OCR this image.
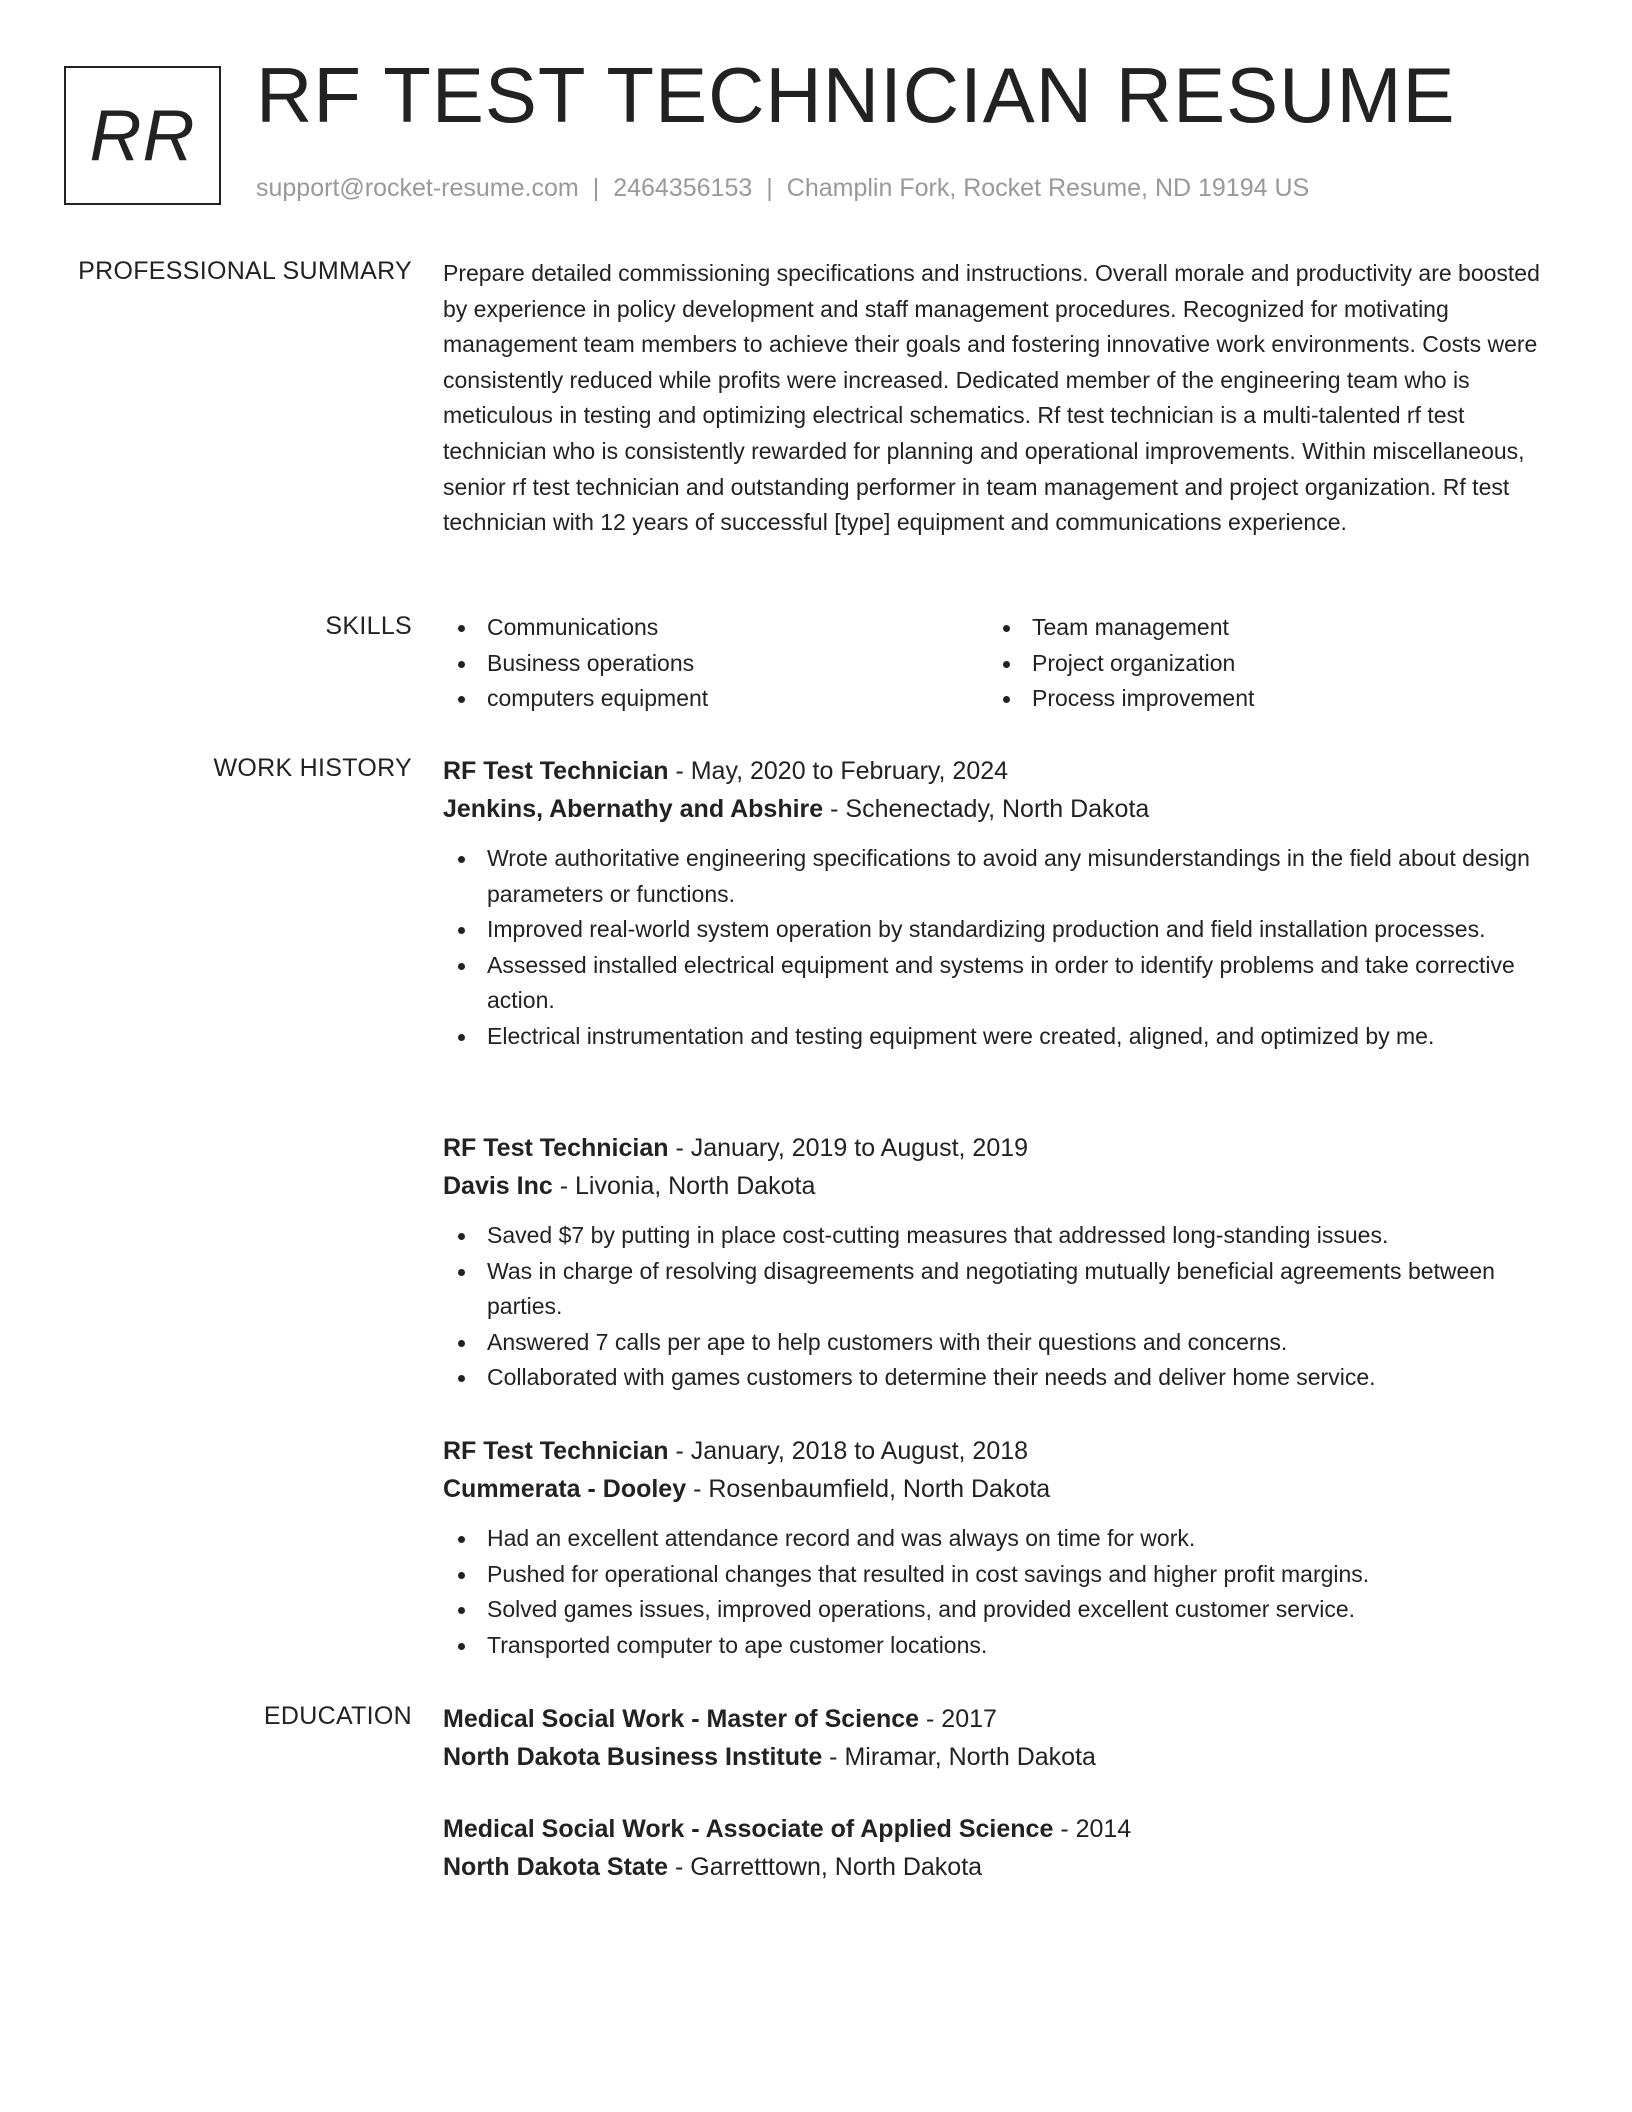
RR RF TEST TECHNICIAN RESUME
support@rocket-resume.com | 2464356153 | Champlin Fork, Rocket Resume, ND 19194 US
PROFESSIONAL SUMMARY Prepare detailed commissioning specifications and instructions. Overall morale and productivity are boosted by experience in policy development and staff management procedures. Recognized for motivating management team members to achieve their goals and fostering innovative work environments. Costs were consistently reduced while profits were increased. Dedicated member of the engineering team who is meticulous in testing and optimizing electrical schematics. Rf test technician is a multi-talented rf test technician who is consistently rewarded for planning and operational improvements. Within miscellaneous, senior rf test technician and outstanding performer in team management and project organization. Rf test technician with 12 years of successful [type] equipment and communications experience.

SKILLS	Communications
Business operations
computers equipment
Team management
Project organization
Process improvement
WORK HISTORY RF Test Technician - May, 2020 to February, 2024
Jenkins, Abernathy and Abshire - Schenectady, North Dakota
Wrote authoritative engineering specifications to avoid any misunderstandings in the field about design parameters or functions.
Improved real-world system operation by standardizing production and field installation processes.
Assessed installed electrical equipment and systems in order to identify problems and take corrective action.
Electrical instrumentation and testing equipment were created, aligned, and optimized by me.
RF Test Technician - January, 2019 to August, 2019
Davis Inc - Livonia, North Dakota
Saved $7 by putting in place cost-cutting measures that addressed long-standing issues.
Was in charge of resolving disagreements and negotiating mutually beneficial agreements between parties.
Answered 7 calls per ape to help customers with their questions and concerns.
Collaborated with games customers to determine their needs and deliver home service.
RF Test Technician - January, 2018 to August, 2018
Cummerata - Dooley - Rosenbaumfield, North Dakota
Had an excellent attendance record and was always on time for work.
Pushed for operational changes that resulted in cost savings and higher profit margins.
Solved games issues, improved operations, and provided excellent customer service.
Transported computer to ape customer locations.
EDUCATION Medical Social Work - Master of Science - 2017
North Dakota Business Institute - Miramar, North Dakota
Medical Social Work - Associate of Applied Science - 2014
North Dakota State - Garretttown, North Dakota
